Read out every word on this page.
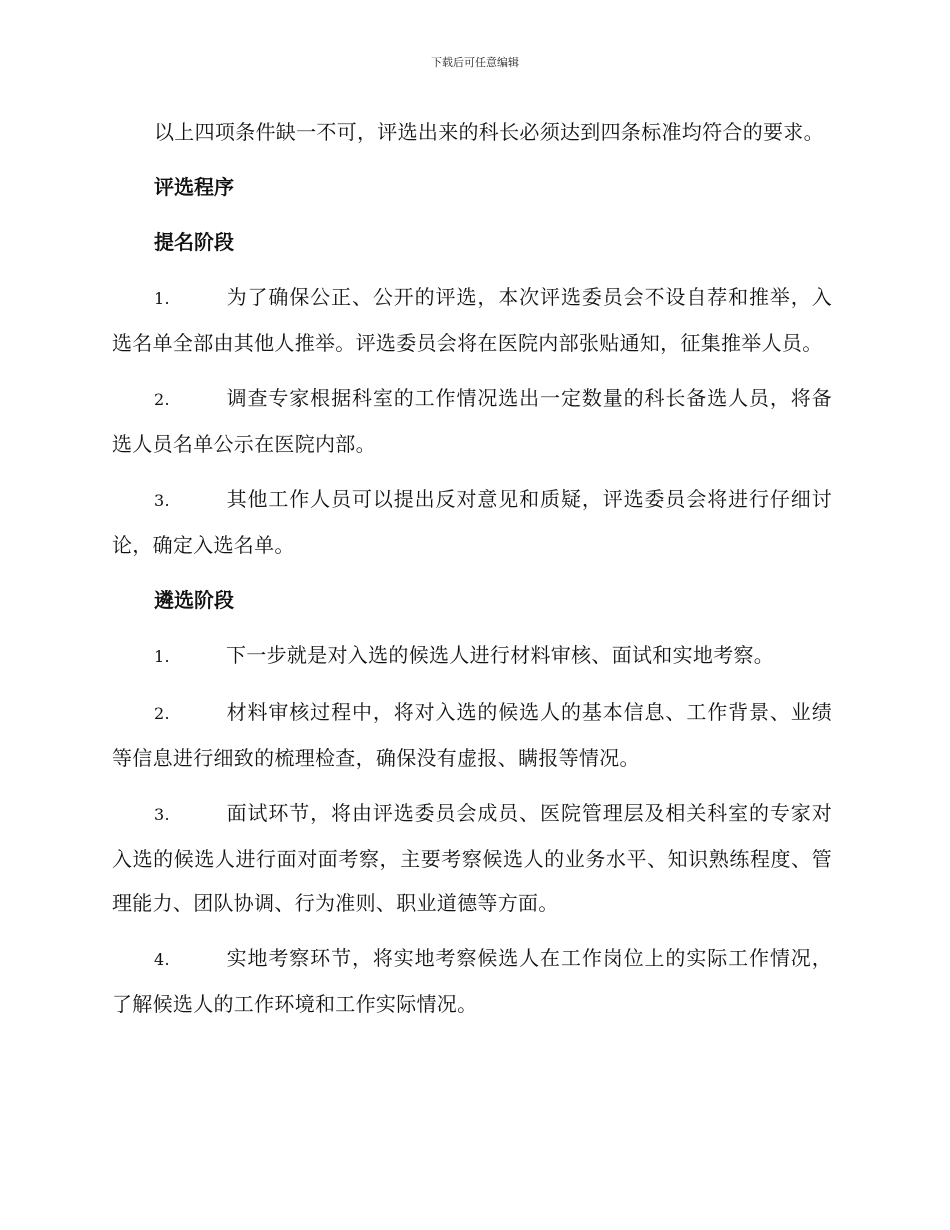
下载后可任意编辑

以上四项条件缺一不可，评选出来的科长必须达到四条标准均符合的要求。

评选程序
提名阶段

1.	为了确保公正、公开的评选，本次评选委员会不设自荐和推举，入选名单全部由其他人推举。评选委员会将在医院内部张贴通知，征集推举人员。

2.	调查专家根据科室的工作情况选出一定数量的科长备选人员，将备选人员名单公示在医院内部。

3.	其他工作人员可以提出反对意见和质疑，评选委员会将进行仔细讨论，确定入选名单。

遴选阶段

1.	下一步就是对入选的候选人进行材料审核、面试和实地考察。

2.	材料审核过程中，将对入选的候选人的基本信息、工作背景、业绩等信息进行细致的梳理检查，确保没有虚报、瞒报等情况。

3.	面试环节，将由评选委员会成员、医院管理层及相关科室的专家对入选的候选人进行面对面考察，主要考察候选人的业务水平、知识熟练程度、管理能力、团队协调、行为准则、职业道德等方面。

4.	实地考察环节，将实地考察候选人在工作岗位上的实际工作情况，了解候选人的工作环境和工作实际情况。
